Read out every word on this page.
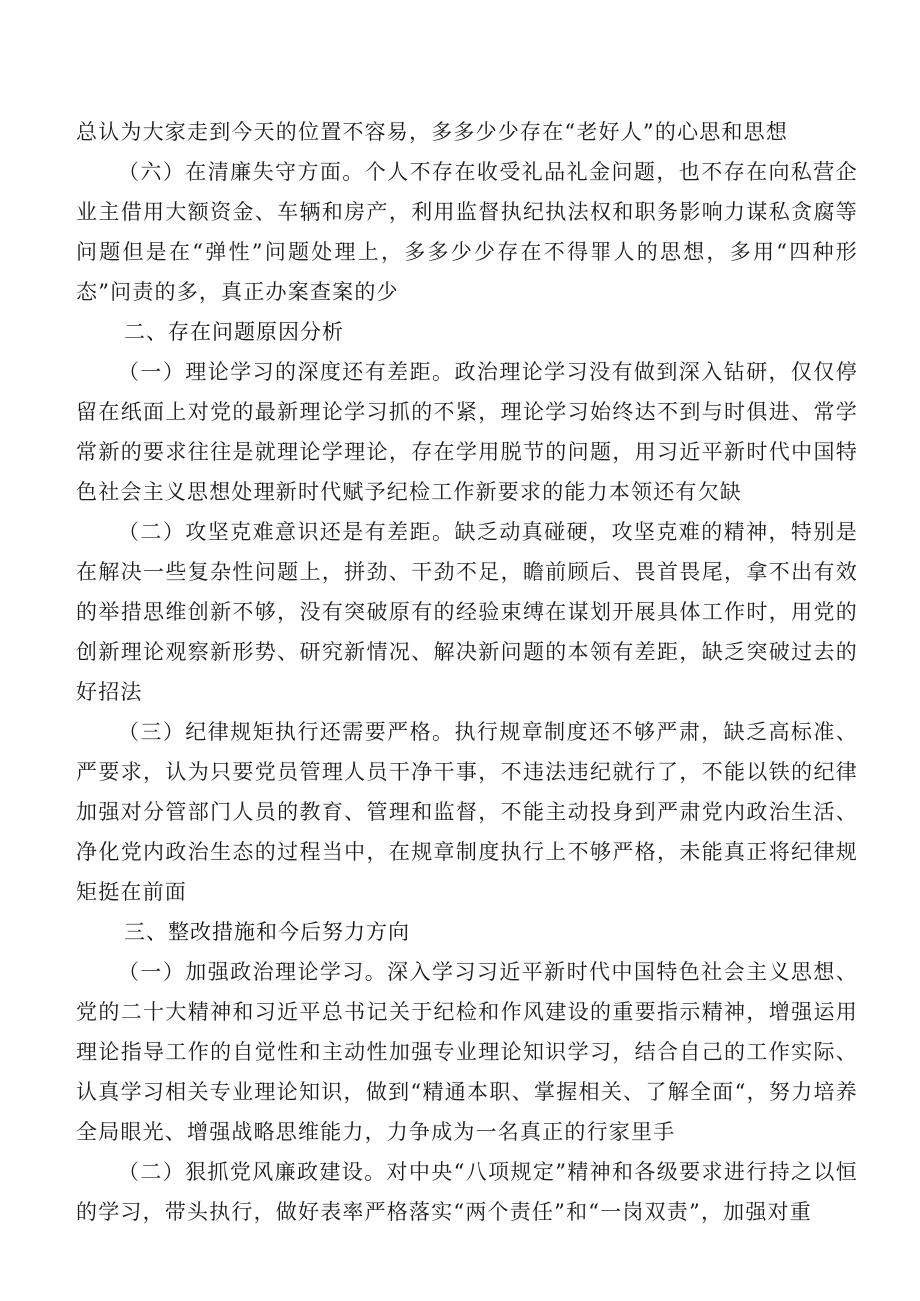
总认为大家走到今天的位置不容易，多多少少存在“老好人”的心思和思想

（六）在清廉失守方面。个人不存在收受礼品礼金问题，也不存在向私营企业主借用大额资金、车辆和房产，利用监督执纪执法权和职务影响力谋私贪腐等问题但是在“弹性”问题处理上，多多少少存在不得罪人的思想，多用“四种形态”问责的多，真正办案查案的少

二、存在问题原因分析

（一）理论学习的深度还有差距。政治理论学习没有做到深入钻研，仅仅停留在纸面上对党的最新理论学习抓的不紧，理论学习始终达不到与时俱进、常学常新的要求往往是就理论学理论，存在学用脱节的问题，用习近平新时代中国特色社会主义思想处理新时代赋予纪检工作新要求的能力本领还有欠缺

（二）攻坚克难意识还是有差距。缺乏动真碰硬，攻坚克难的精神，特别是在解决一些复杂性问题上，拼劲、干劲不足，瞻前顾后、畏首畏尾，拿不出有效的举措思维创新不够，没有突破原有的经验束缚在谋划开展具体工作时，用党的创新理论观察新形势、研究新情况、解决新问题的本领有差距，缺乏突破过去的好招法

（三）纪律规矩执行还需要严格。执行规章制度还不够严肃，缺乏高标准、严要求，认为只要党员管理人员干净干事，不违法违纪就行了，不能以铁的纪律加强对分管部门人员的教育、管理和监督，不能主动投身到严肃党内政治生活、净化党内政治生态的过程当中，在规章制度执行上不够严格，未能真正将纪律规矩挺在前面

三、整改措施和今后努力方向

（一）加强政治理论学习。深入学习习近平新时代中国特色社会主义思想、党的二十大精神和习近平总书记关于纪检和作风建设的重要指示精神，增强运用理论指导工作的自觉性和主动性加强专业理论知识学习，结合自己的工作实际、认真学习相关专业理论知识，做到“精通本职、掌握相关、了解全面“，努力培养全局眼光、增强战略思维能力，力争成为一名真正的行家里手

（二）狠抓党风廉政建设。对中央“八项规定”精神和各级要求进行持之以恒的学习，带头执行，做好表率严格落实“两个责任”和“一岗双责”，加强对重
